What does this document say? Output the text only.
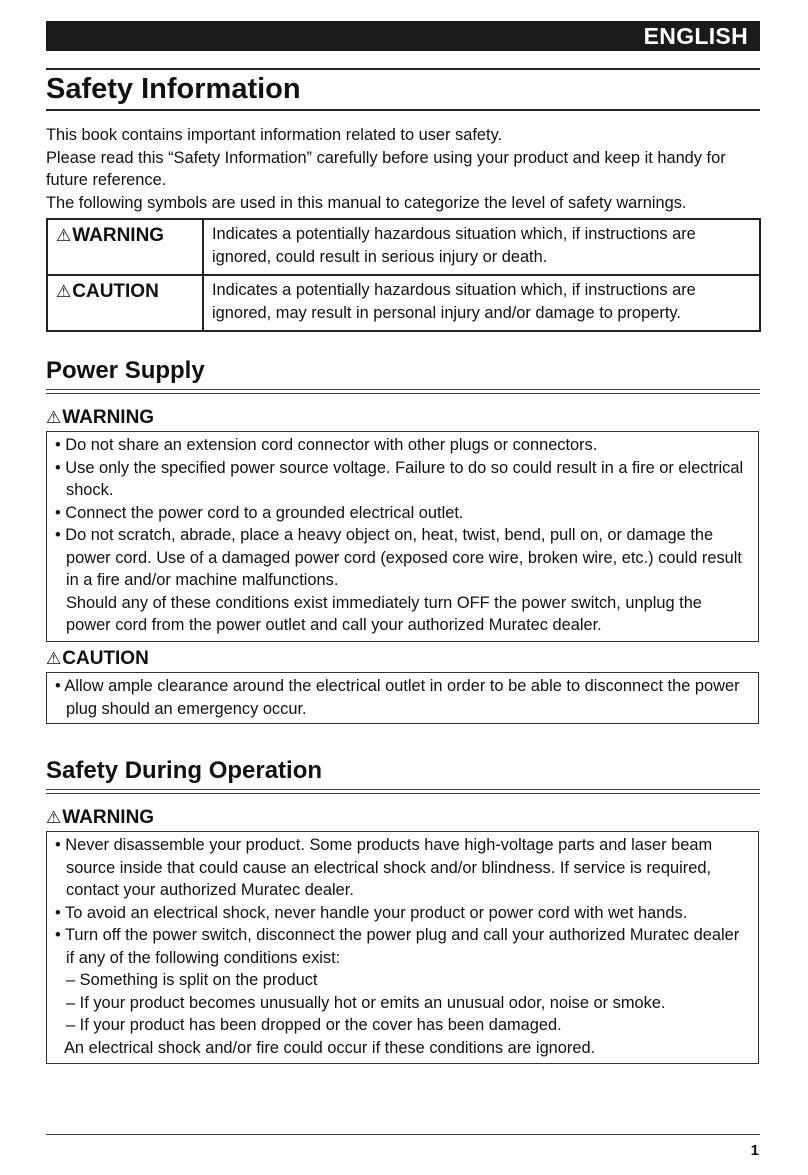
ENGLISH
Safety Information

This book contains important information related to user safety.

Please read this “Safety Information” carefully before using your product and keep it handy for future reference.

The following symbols are used in this manual to categorize the level of safety warnings.

⚠WARNING	Indicates a potentially hazardous situation which, if instructions are ignored, could result in serious injury or death.
⚠CAUTION	Indicates a potentially hazardous situation which, if instructions are ignored, may result in personal injury and/or damage to property.
Power Supply
⚠WARNING
• Do not share an extension cord connector with other plugs or connectors.
• Use only the specified power source voltage. Failure to do so could result in a fire or electrical shock.
• Connect the power cord to a grounded electrical outlet.
• Do not scratch, abrade, place a heavy object on, heat, twist, bend, pull on, or damage the power cord. Use of a damaged power cord (exposed core wire, broken wire, etc.) could result in a fire and/or machine malfunctions.
Should any of these conditions exist immediately turn OFF the power switch, unplug the power cord from the power outlet and call your authorized Muratec dealer.
⚠CAUTION
• Allow ample clearance around the electrical outlet in order to be able to disconnect the power plug should an emergency occur.
Safety During Operation
⚠WARNING
• Never disassemble your product. Some products have high-voltage parts and laser beam source inside that could cause an electrical shock and/or blindness. If service is required, contact your authorized Muratec dealer.
• To avoid an electrical shock, never handle your product or power cord with wet hands.
• Turn off the power switch, disconnect the power plug and call your authorized Muratec dealer if any of the following conditions exist:
– Something is split on the product
– If your product becomes unusually hot or emits an unusual odor, noise or smoke.
– If your product has been dropped or the cover has been damaged.
An electrical shock and/or fire could occur if these conditions are ignored.
1
